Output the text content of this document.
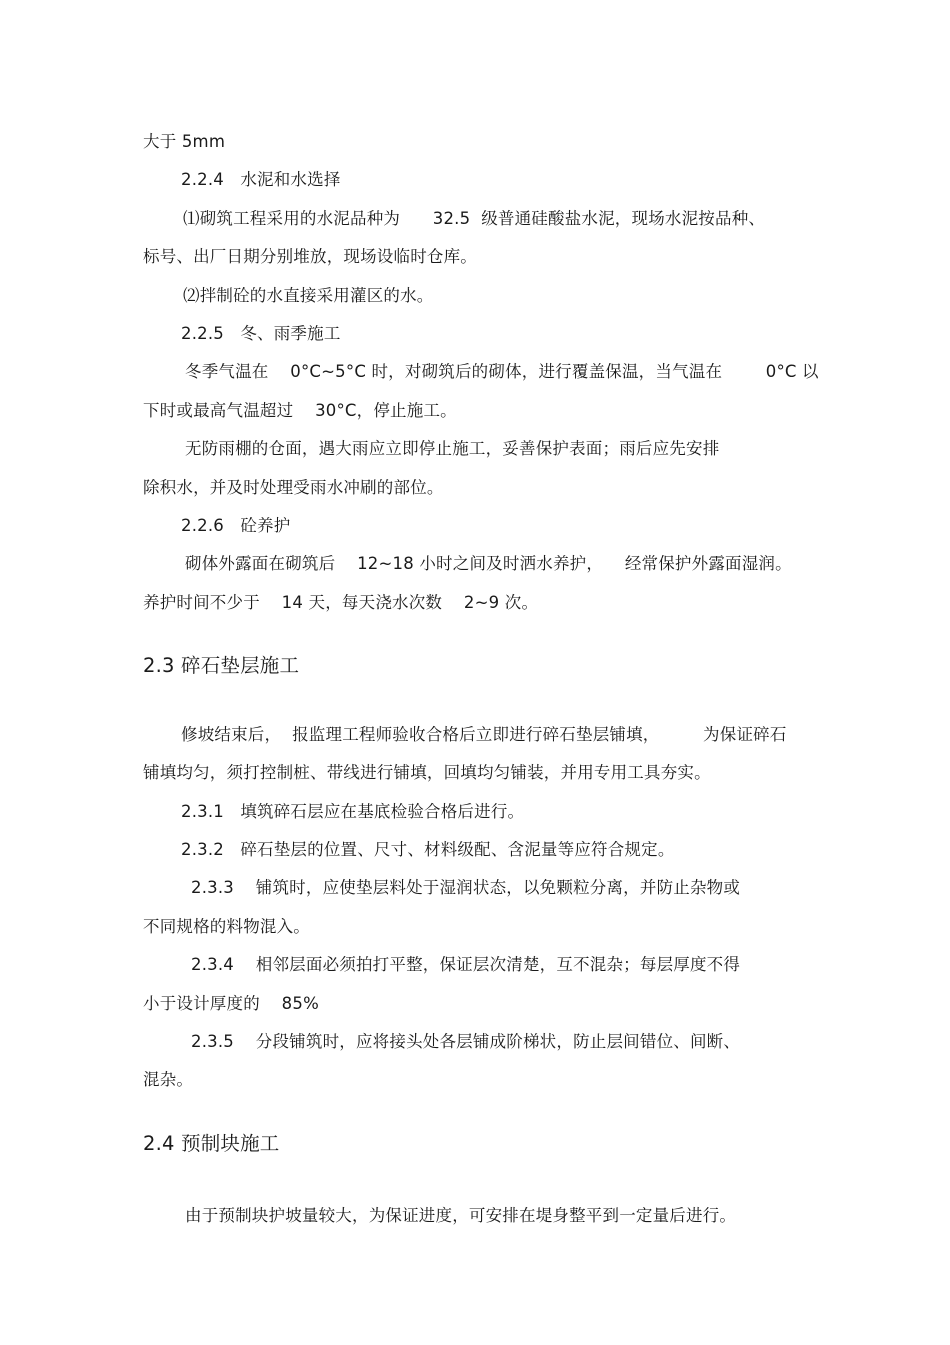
大于 5mm
2.2.4   水泥和水选择
⑴砌筑工程采用的水泥品种为      32.5  级普通硅酸盐水泥，现场水泥按品种、
标号、出厂日期分别堆放，现场设临时仓库。
⑵拌制砼的水直接采用灌区的水。
2.2.5   冬、雨季施工
冬季气温在    0°C~5°C 时，对砌筑后的砌体，进行覆盖保温，当气温在        0°C 以
下时或最高气温超过    30°C，停止施工。
无防雨棚的仓面，遇大雨应立即停止施工，妥善保护表面；雨后应先安排
除积水，并及时处理受雨水冲刷的部位。
2.2.6   砼养护
砌体外露面在砌筑后    12~18 小时之间及时洒水养护，    经常保护外露面湿润。
养护时间不少于    14 天，每天浇水次数    2~9 次。
2.3 碎石垫层施工
修坡结束后，  报监理工程师验收合格后立即进行碎石垫层铺填，        为保证碎石
铺填均匀，须打控制桩、带线进行铺填，回填均匀铺装，并用专用工具夯实。
2.3.1   填筑碎石层应在基底检验合格后进行。
2.3.2   碎石垫层的位置、尺寸、材料级配、含泥量等应符合规定。
2.3.3    铺筑时，应使垫层料处于湿润状态，以免颗粒分离，并防止杂物或
不同规格的料物混入。
2.3.4    相邻层面必须拍打平整，保证层次清楚，互不混杂；每层厚度不得
小于设计厚度的    85%
2.3.5    分段铺筑时，应将接头处各层铺成阶梯状，防止层间错位、间断、
混杂。
2.4 预制块施工
由于预制块护坡量较大，为保证进度，可安排在堤身整平到一定量后进行。
